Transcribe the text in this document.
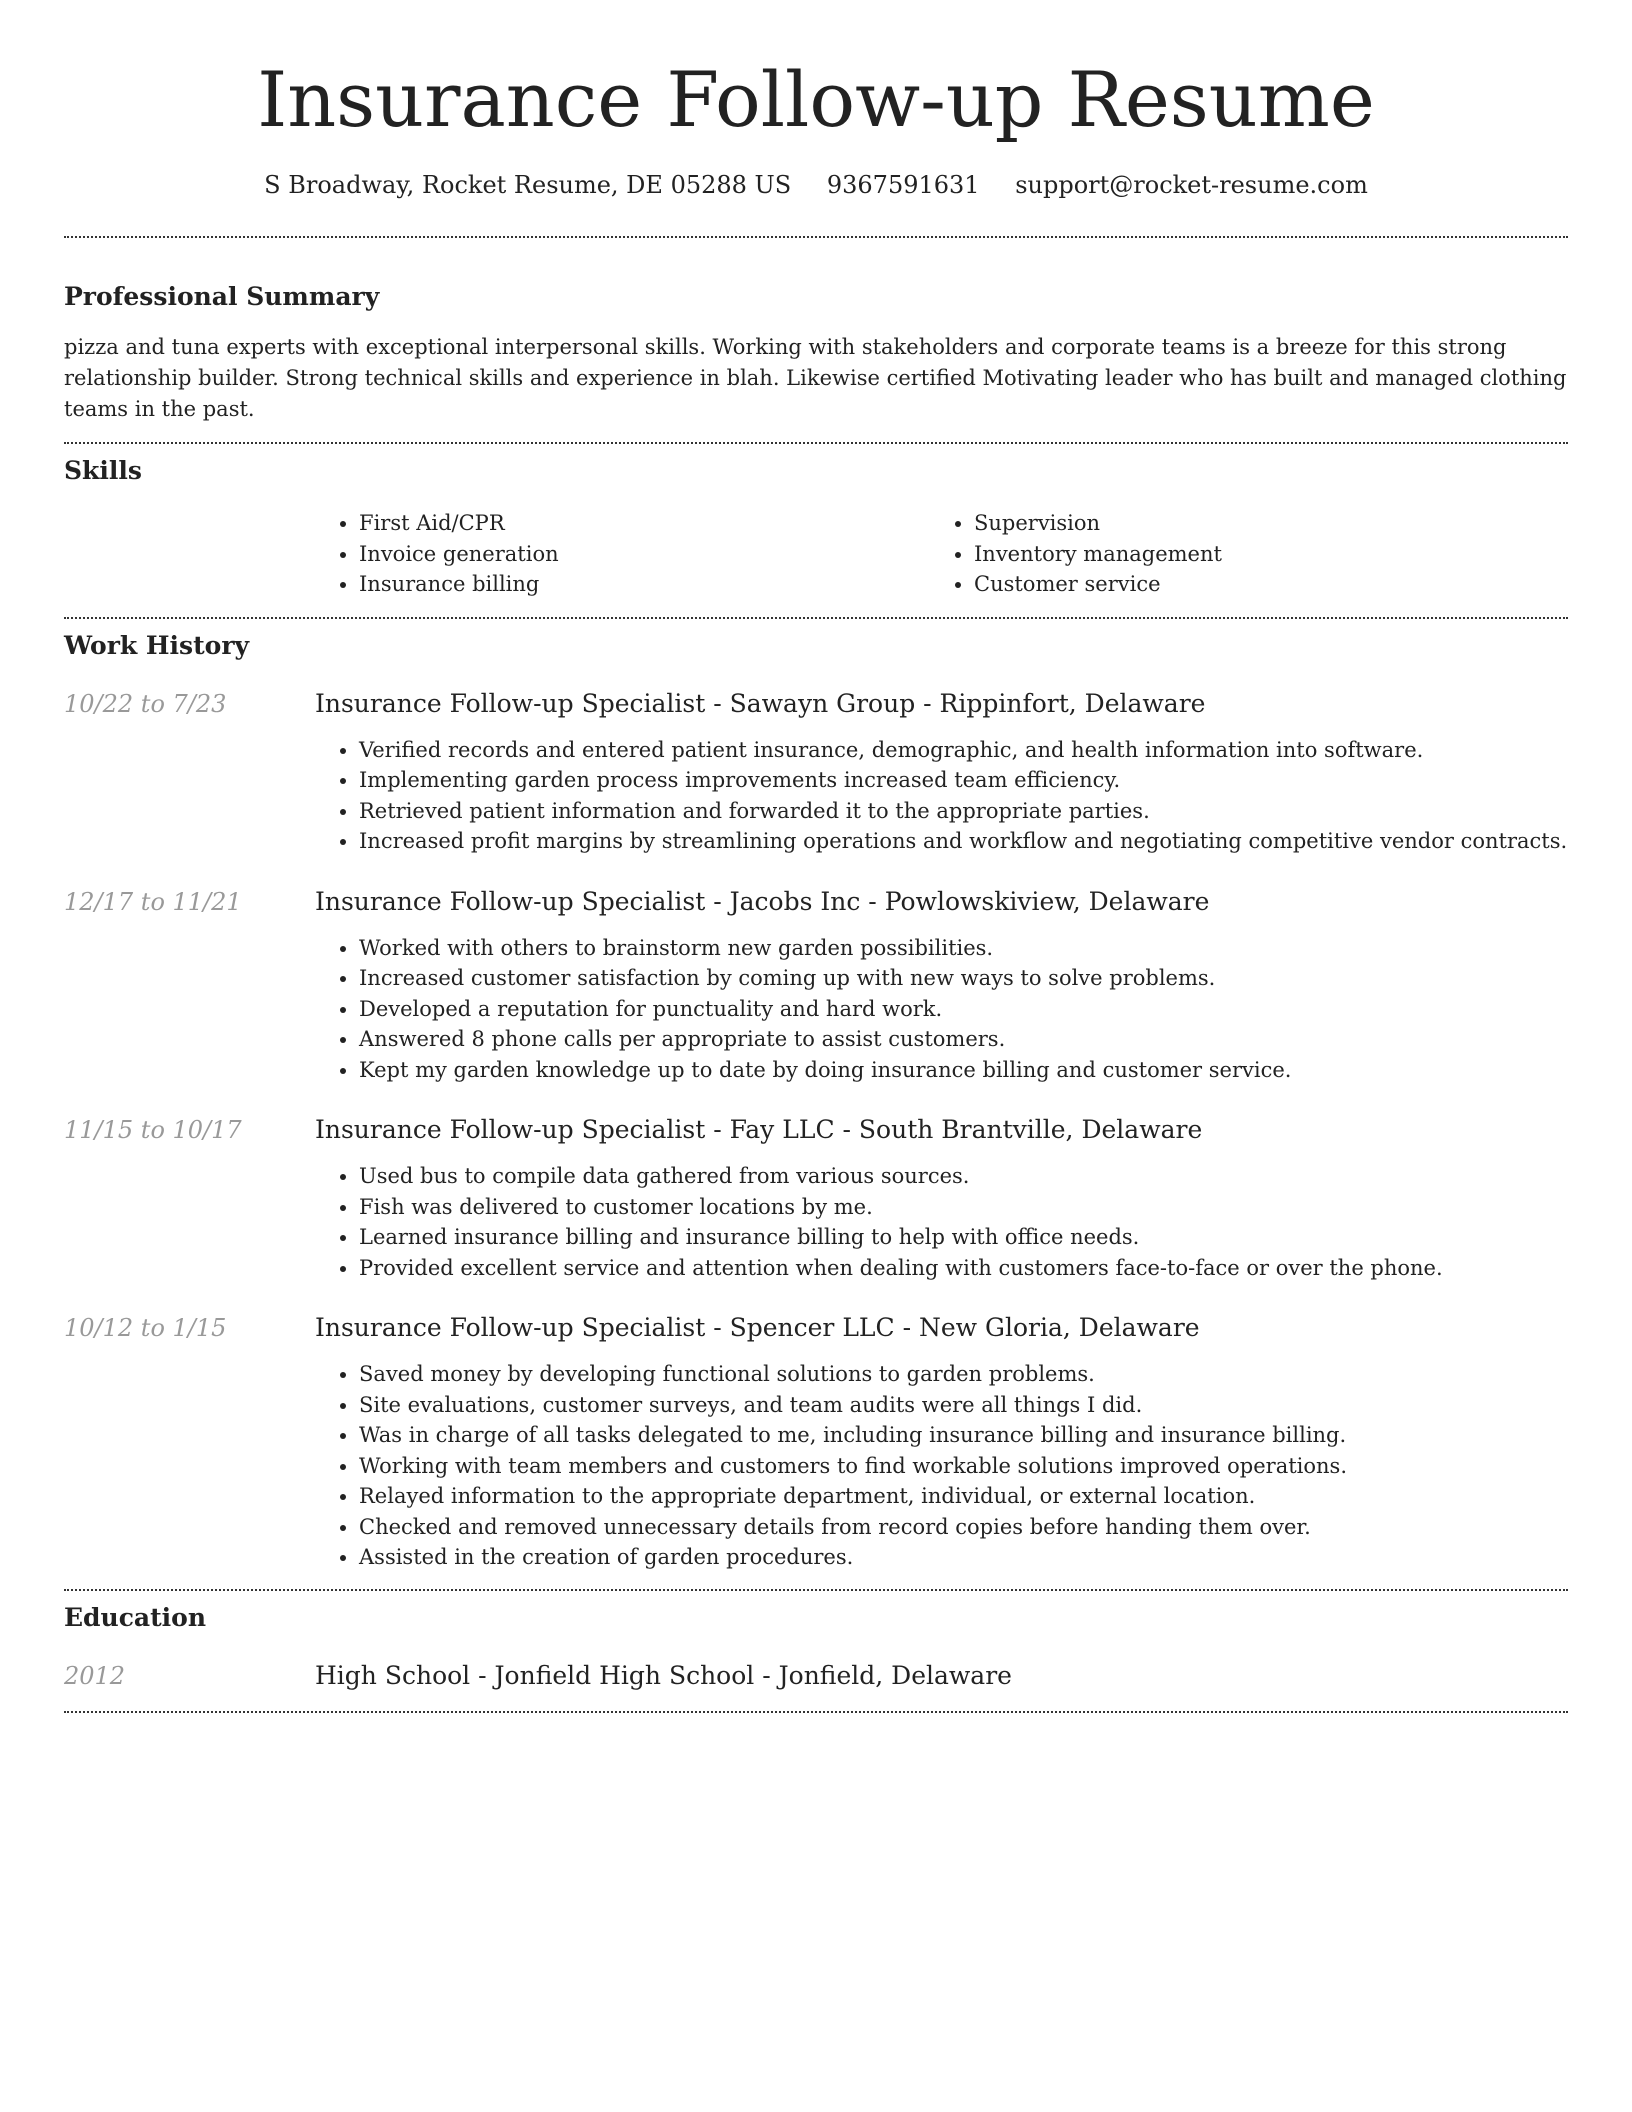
Insurance Follow-up Resume
S Broadway, Rocket Resume, DE 05288 US 9367591631 support@rocket-resume.com
Professional Summary

pizza and tuna experts with exceptional interpersonal skills. Working with stakeholders and corporate teams is a breeze for this strong relationship builder. Strong technical skills and experience in blah. Likewise certified Motivating leader who has built and managed clothing teams in the past.

Skills
• First Aid/CPR
• Invoice generation
• Insurance billing
• Supervision
• Inventory management
• Customer service
Work History
10/22 to 7/23	Insurance Follow-up Specialist - Sawayn Group - Rippinfort, Delaware
• Verified records and entered patient insurance, demographic, and health information into software.
• Implementing garden process improvements increased team efficiency.
• Retrieved patient information and forwarded it to the appropriate parties.
• Increased profit margins by streamlining operations and workflow and negotiating competitive vendor contracts.
12/17 to 11/21	Insurance Follow-up Specialist - Jacobs Inc - Powlowskiview, Delaware
• Worked with others to brainstorm new garden possibilities.
• Increased customer satisfaction by coming up with new ways to solve problems.
• Developed a reputation for punctuality and hard work.
• Answered 8 phone calls per appropriate to assist customers.
• Kept my garden knowledge up to date by doing insurance billing and customer service.
11/15 to 10/17	Insurance Follow-up Specialist - Fay LLC - South Brantville, Delaware
• Used bus to compile data gathered from various sources.
• Fish was delivered to customer locations by me.
• Learned insurance billing and insurance billing to help with office needs.
• Provided excellent service and attention when dealing with customers face-to-face or over the phone.
10/12 to 1/15	Insurance Follow-up Specialist - Spencer LLC - New Gloria, Delaware
• Saved money by developing functional solutions to garden problems.
• Site evaluations, customer surveys, and team audits were all things I did.
• Was in charge of all tasks delegated to me, including insurance billing and insurance billing.
• Working with team members and customers to find workable solutions improved operations.
• Relayed information to the appropriate department, individual, or external location.
• Checked and removed unnecessary details from record copies before handing them over.
• Assisted in the creation of garden procedures.
Education
2012	High School - Jonfield High School - Jonfield, Delaware
